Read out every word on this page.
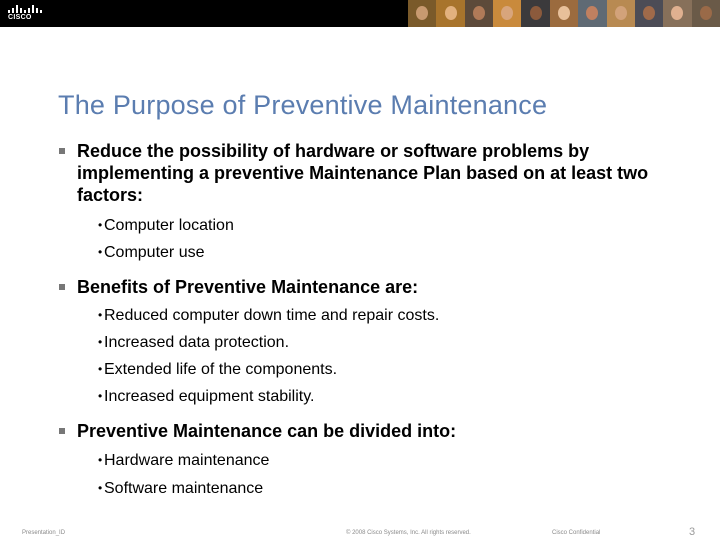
CISCO
The Purpose of Preventive Maintenance
Reduce the possibility of hardware or software problems by implementing a preventive Maintenance Plan based on at least two factors:
• Computer location
• Computer use
Benefits of Preventive Maintenance are:
• Reduced computer down time and repair costs.
• Increased data protection.
• Extended life of the components.
• Increased equipment stability.
Preventive Maintenance can be divided into:
• Hardware maintenance
• Software maintenance
Presentation_ID	© 2008 Cisco Systems, Inc. All rights reserved.	Cisco Confidential	3
